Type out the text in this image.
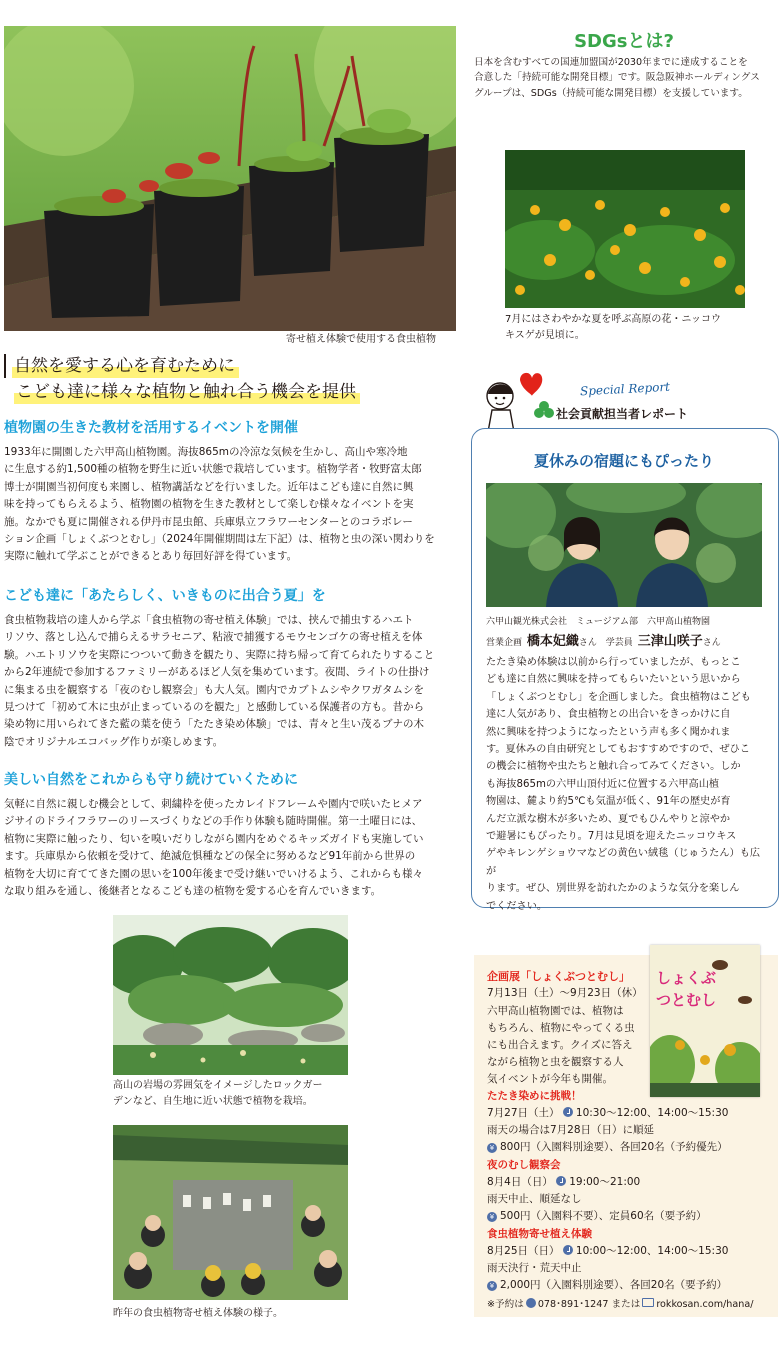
寄せ植え体験で使用する食虫植物
自然を愛する心を育むために
こども達に様々な植物と触れ合う機会を提供
植物園の生きた教材を活用するイベントを開催
1933年に開園した六甲高山植物園。海抜865mの冷涼な気候を生かし、高山や寒冷地
に生息する約1,500種の植物を野生に近い状態で栽培しています。植物学者・牧野富太郎
博士が開園当初何度も来園し、植物講話などを行いました。近年はこども達に自然に興
味を持ってもらえるよう、植物園の植物を生きた教材として楽しむ様々なイベントを実
施。なかでも夏に開催される伊丹市昆虫館、兵庫県立フラワーセンターとのコラボレー
ション企画「しょくぶつとむし」（2024年開催期間は左下記）は、植物と虫の深い関わりを
実際に触れて学ぶことができるとあり毎回好評を得ています。
こども達に「あたらしく、いきものに出合う夏」を
食虫植物栽培の達人から学ぶ「食虫植物の寄せ植え体験」では、挟んで捕虫するハエト
リソウ、落とし込んで捕らえるサラセニア、粘液で捕獲するモウセンゴケの寄せ植えを体
験。ハエトリソウを実際につついて動きを観たり、実際に持ち帰って育てられたりすること
から2年連続で参加するファミリーがあるほど人気を集めています。夜間、ライトの仕掛け
に集まる虫を観察する「夜のむし観察会」も大人気。園内でカブトムシやクワガタムシを
見つけて「初めて木に虫が止まっているのを観た」と感動している保護者の方も。昔から
染め物に用いられてきた藍の葉を使う「たたき染め体験」では、青々と生い茂るブナの木
陰でオリジナルエコバッグ作りが楽しめます。
美しい自然をこれからも守り続けていくために
気軽に自然に親しむ機会として、刺繍枠を使ったカレイドフレームや園内で咲いたヒメア
ジサイのドライフラワーのリースづくりなどの手作り体験も随時開催。第一土曜日には、
植物に実際に触ったり、匂いを嗅いだりしながら園内をめぐるキッズガイドも実施してい
ます。兵庫県から依頼を受けて、絶滅危惧種などの保全に努めるなど91年前から世界の
植物を大切に育ててきた園の思いを100年後まで受け継いでいけるよう、これからも様々
な取り組みを通し、後継者となるこども達の植物を愛する心を育んでいきます。
高山の岩場の雰囲気をイメージしたロックガー
デンなど、自生地に近い状態で植物を栽培。
昨年の食虫植物寄せ植え体験の様子。
SDGsとは?
日本を含むすべての国連加盟国が2030年までに達成することを
合意した「持続可能な開発目標」です。阪急阪神ホールディングス
グループは、SDGs（持続可能な開発目標）を支援しています。
7月にはさわやかな夏を呼ぶ高原の花・ニッコウ
キスゲが見頃に。
Special Report
社会貢献担当者レポート
夏休みの宿題にもぴったり
六甲山観光株式会社　ミュージアム部　六甲高山植物園
営業企画 橋本妃織さん 学芸員 三津山咲子さん
たたき染め体験は以前から行っていましたが、もっとこ
ども達に自然に興味を持ってもらいたいという思いから
「しょくぶつとむし」を企画しました。食虫植物はこども
達に人気があり、食虫植物との出合いをきっかけに自
然に興味を持つようになったという声も多く聞かれま
す。夏休みの自由研究としてもおすすめですので、ぜひこ
の機会に植物や虫たちと触れ合ってみてください。しか
も海抜865mの六甲山頂付近に位置する六甲高山植
物園は、麓より約5℃も気温が低く、91年の歴史が育
んだ立派な樹木が多いため、夏でもひんやりと涼やか
で避暑にもぴったり。7月は見頃を迎えたニッコウキス
ゲやキレンゲショウマなどの黄色い絨毯（じゅうたん）も広が
ります。ぜひ、別世界を訪れたかのような気分を楽しん
でください。
しょくぶつとむし
企画展「しょくぶつとむし」
7月13日（土）〜9月23日（休）
六甲高山植物園では、植物は
もちろん、植物にやってくる虫
にも出合えます。クイズに答え
ながら植物と虫を観察する人
気イベントが今年も開催。
たたき染めに挑戦！
7月27日（土） 10:30〜12:00、14:00〜15:30
雨天の場合は7月28日（日）に順延
¥ 800円（入園料別途要）、各回20名（予約優先）
夜のむし観察会
8月4日（日） 19:00〜21:00
雨天中止、順延なし
¥ 500円（入園料不要）、定員60名（要予約）
食虫植物寄せ植え体験
8月25日（日） 10:00〜12:00、14:00〜15:30
雨天決行・荒天中止
¥ 2,000円（入園料別途要）、各回20名（要予約）
※予約は 078･891･1247 または rokkosan.com/hana/
